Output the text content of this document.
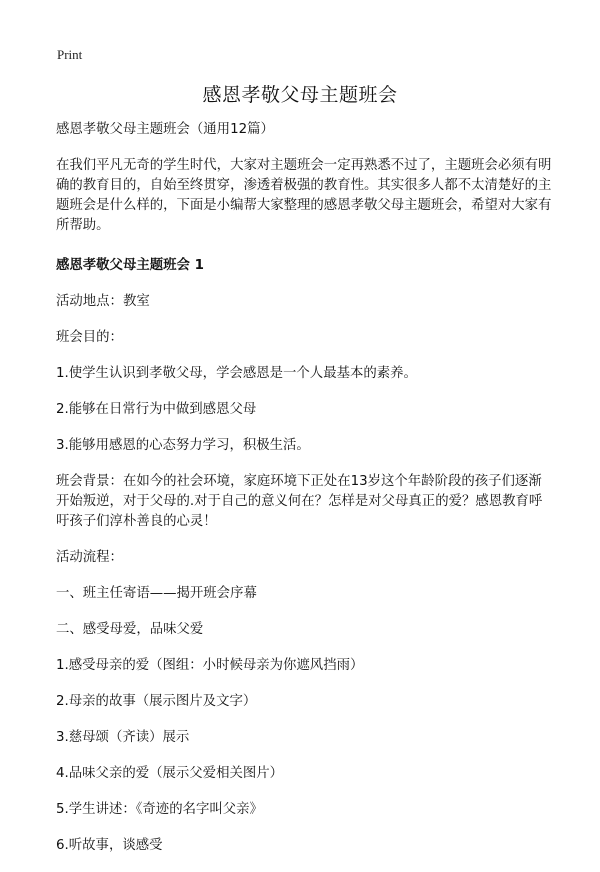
Print
感恩孝敬父母主题班会

感恩孝敬父母主题班会（通用12篇）

在我们平凡无奇的学生时代，大家对主题班会一定再熟悉不过了，主题班会必须有明确的教育目的，自始至终贯穿，渗透着极强的教育性。其实很多人都不太清楚好的主题班会是什么样的，下面是小编帮大家整理的感恩孝敬父母主题班会，希望对大家有所帮助。

感恩孝敬父母主题班会 1

活动地点：教室

班会目的：

1.使学生认识到孝敬父母，学会感恩是一个人最基本的素养。

2.能够在日常行为中做到感恩父母

3.能够用感恩的心态努力学习，积极生活。

班会背景：在如今的社会环境，家庭环境下正处在13岁这个年龄阶段的孩子们逐渐开始叛逆，对于父母的.对于自己的意义何在？怎样是对父母真正的爱？感恩教育呼吁孩子们淳朴善良的心灵！

活动流程：

一、班主任寄语——揭开班会序幕

二、感受母爱，品味父爱

1.感受母亲的爱（图组：小时候母亲为你遮风挡雨）

2.母亲的故事（展示图片及文字）

3.慈母颂（齐读）展示

4.品味父亲的爱（展示父爱相关图片）

5.学生讲述：《奇迹的名字叫父亲》

6.听故事，谈感受
